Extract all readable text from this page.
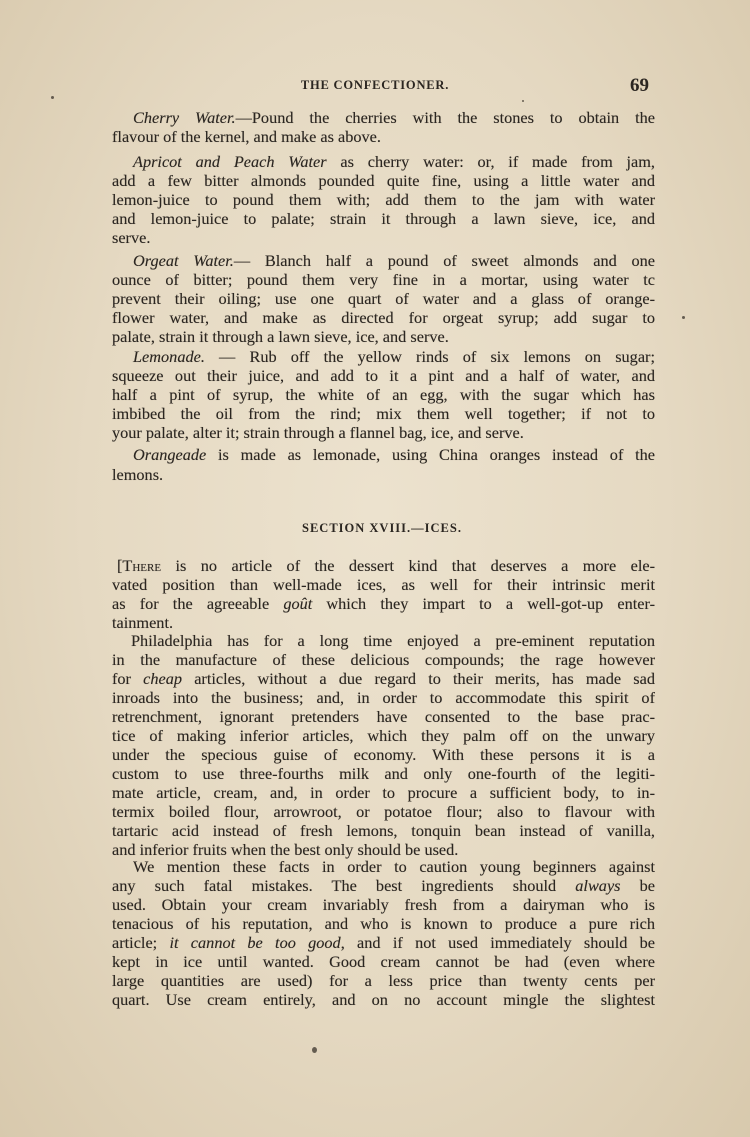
THE CONFECTIONER.	69
Cherry Water.—Pound the cherries with the stones to obtain the
flavour of the kernel, and make as above.
Apricot and Peach Water as cherry water: or, if made from jam,
add a few bitter almonds pounded quite fine, using a little water and
lemon-juice to pound them with; add them to the jam with water
and lemon-juice to palate; strain it through a lawn sieve, ice, and
serve.
Orgeat Water.— Blanch half a pound of sweet almonds and one
ounce of bitter; pound them very fine in a mortar, using water tc
prevent their oiling; use one quart of water and a glass of orange-
flower water, and make as directed for orgeat syrup; add sugar to
palate, strain it through a lawn sieve, ice, and serve.
Lemonade. — Rub off the yellow rinds of six lemons on sugar;
squeeze out their juice, and add to it a pint and a half of water, and
half a pint of syrup, the white of an egg, with the sugar which has
imbibed the oil from the rind; mix them well together; if not to
your palate, alter it; strain through a flannel bag, ice, and serve.
Orangeade is made as lemonade, using China oranges instead of the
lemons.
SECTION XVIII.—ICES.
[There is no article of the dessert kind that deserves a more ele-
vated position than well-made ices, as well for their intrinsic merit
as for the agreeable goût which they impart to a well-got-up enter-
tainment.
Philadelphia has for a long time enjoyed a pre-eminent reputation
in the manufacture of these delicious compounds; the rage however
for cheap articles, without a due regard to their merits, has made sad
inroads into the business; and, in order to accommodate this spirit of
retrenchment, ignorant pretenders have consented to the base prac-
tice of making inferior articles, which they palm off on the unwary
under the specious guise of economy. With these persons it is a
custom to use three-fourths milk and only one-fourth of the legiti-
mate article, cream, and, in order to procure a sufficient body, to in-
termix boiled flour, arrowroot, or potatoe flour; also to flavour with
tartaric acid instead of fresh lemons, tonquin bean instead of vanilla,
and inferior fruits when the best only should be used.
We mention these facts in order to caution young beginners against
any such fatal mistakes. The best ingredients should always be
used. Obtain your cream invariably fresh from a dairyman who is
tenacious of his reputation, and who is known to produce a pure rich
article; it cannot be too good, and if not used immediately should be
kept in ice until wanted. Good cream cannot be had (even where
large quantities are used) for a less price than twenty cents per
quart. Use cream entirely, and on no account mingle the slightest
